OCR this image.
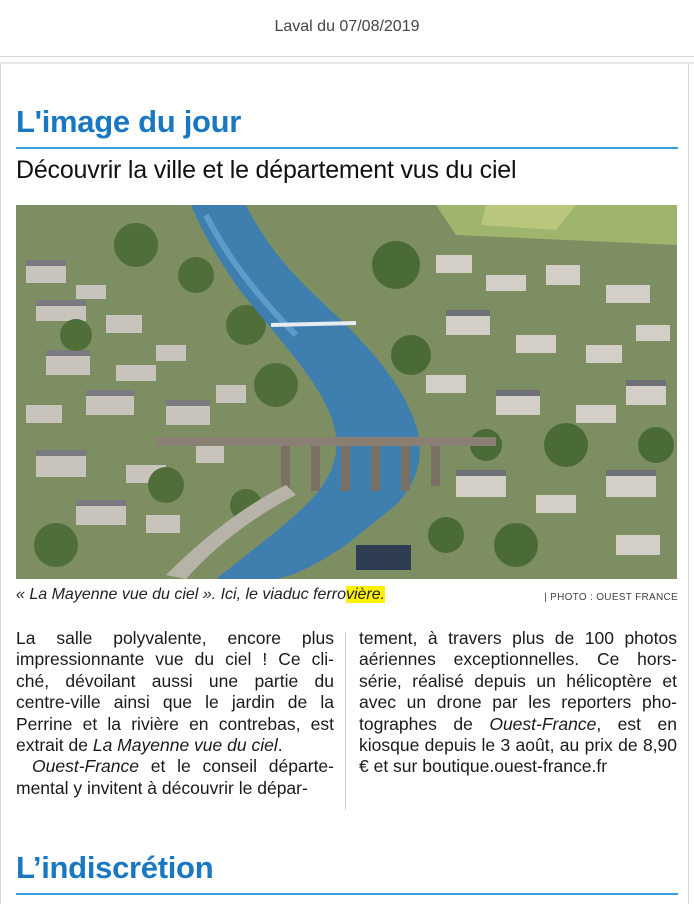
Laval du 07/08/2019
L'image du jour
Découvrir la ville et le département vus du ciel
« La Mayenne vue du ciel ». Ici, le viaduc ferrovière.	| PHOTO : OUEST FRANCE

La salle polyvalente, encore plus impressionnante vue du ciel ! Ce cli- ché, dévoilant aussi une partie du centre-ville ainsi que le jardin de la Perrine et la rivière en contrebas, est extrait de La Mayenne vue du ciel.

Ouest-France et le conseil départe- mental y invitent à découvrir le dépar-

tement, à travers plus de 100 photos aériennes exceptionnelles. Ce hors- série, réalisé depuis un hélicoptère et avec un drone par les reporters pho- tographes de Ouest-France, est en kiosque depuis le 3 août, au prix de 8,90 € et sur boutique.ouest-france.fr

L’indiscrétion
